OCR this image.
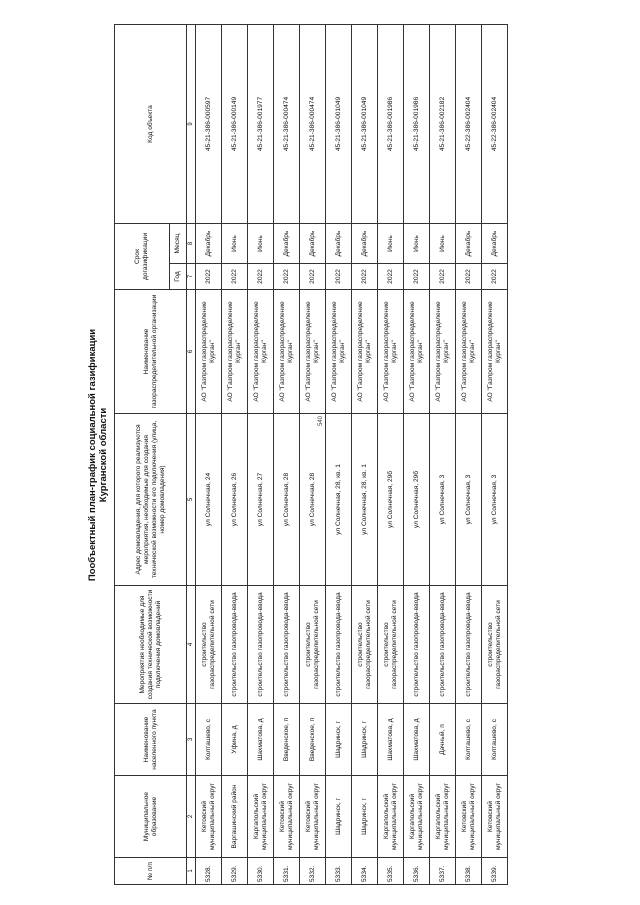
540
Пообъектный план-график социальной газификации Курганской области
№ п/п	Муниципальное образование	Наименование населенного пункта	Мероприятия необходимые для создания технической возможности подключения домовладений	Адрес домовладения, для которого реализуются мероприятия, необходимые для создания технической возможности его подключения (улица, номер домовладения)	Наименование газораспределительной организации	Срок догазификации		Код объекта
						Год	Месяц	
1	2	3	4	5	6	7	8	9
5328.	Кетовский муниципальный округ	Колташево, с	строительство газораспределительной сети	ул Солнечная, 24	АО "Газпром газораспределение Курган"	2022	Декабрь	45-21-386-000597
5329.	Варгашинский район	Уфина, д	строительство газопровода-ввода	ул Солнечная, 26	АО "Газпром газораспределение Курган"	2022	Июнь	45-21-386-000149
5330.	Каргапольский муниципальный округ	Шахматова, д	строительство газопровода-ввода	ул Солнечная, 27	АО "Газпром газораспределение Курган"	2022	Июнь	45-21-386-001977
5331.	Кетовский муниципальный округ	Введенское, п	строительство газопровода-ввода	ул Солнечная, 28	АО "Газпром газораспределение Курган"	2022	Декабрь	45-21-386-000474
5332.	Кетовский муниципальный округ	Введенское, п	строительство газораспределительной сети	ул Солнечная, 28	АО "Газпром газораспределение Курган"	2022	Декабрь	45-21-386-000474
5333.	Шадринск, г	Шадринск, г	строительство газопровода-ввода	ул Солнечная, 28, кв. 1	АО "Газпром газораспределение Курган"	2022	Декабрь	45-21-386-001049
5334.	Шадринск, г	Шадринск, г	строительство газораспределительной сети	ул Солнечная, 28, кв. 1	АО "Газпром газораспределение Курган"	2022	Декабрь	45-21-386-001049
5335.	Каргапольский муниципальный округ	Шахматова, д	строительство газораспределительной сети	ул Солнечная, 29б	АО "Газпром газораспределение Курган"	2022	Июнь	45-21-386-001986
5336.	Каргапольский муниципальный округ	Шахматова, д	строительство газопровода-ввода	ул Солнечная, 29б	АО "Газпром газораспределение Курган"	2022	Июнь	45-21-386-001986
5337.	Каргапольский муниципальный округ	Дачный, п	строительство газопровода-ввода	ул Солнечная, 3	АО "Газпром газораспределение Курган"	2022	Июнь	45-21-386-002182
5338.	Кетовский муниципальный округ	Колташево, с	строительство газопровода-ввода	ул Солнечная, 3	АО "Газпром газораспределение Курган"	2022	Декабрь	45-22-386-002404
5339.	Кетовский муниципальный округ	Колташево, с	строительство газораспределительной сети	ул Солнечная, 3	АО "Газпром газораспределение Курган"	2022	Декабрь	45-22-386-002404
